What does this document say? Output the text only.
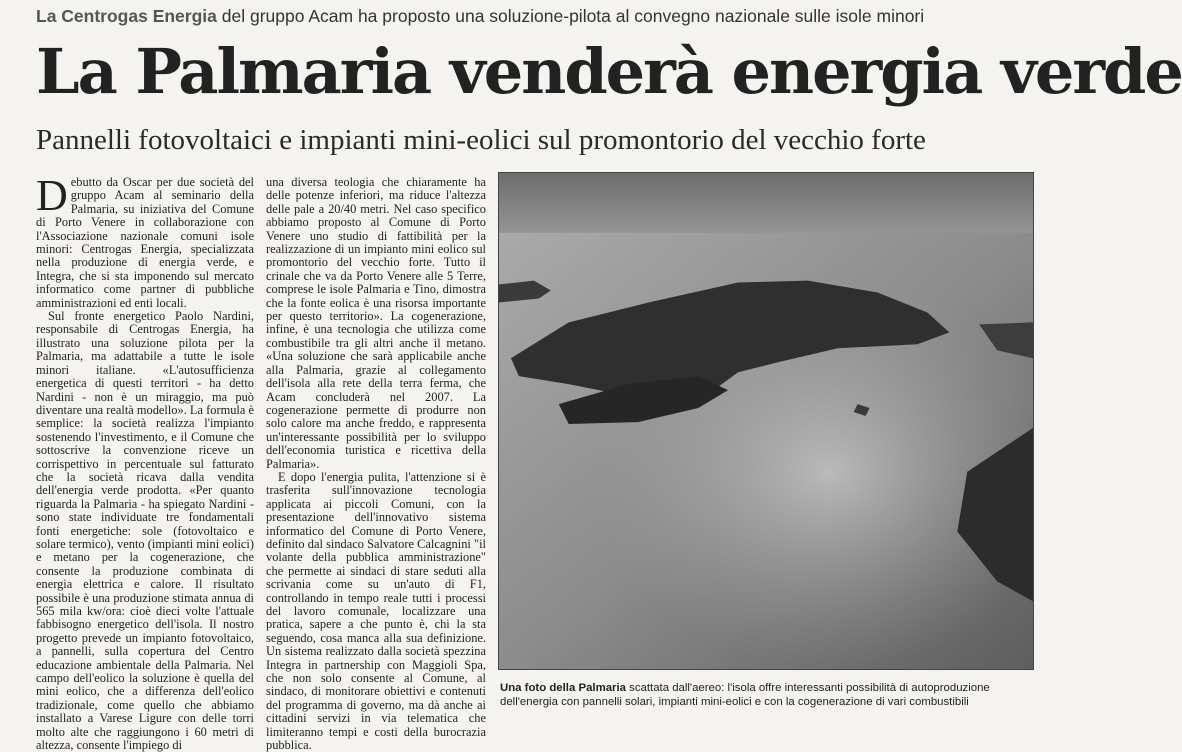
La Centrogas Energia del gruppo Acam ha proposto una soluzione-pilota al convegno nazionale sulle isole minori
La Palmaria venderà energia verde
Pannelli fotovoltaici e impianti mini-eolici sul promontorio del vecchio forte

Debutto da Oscar per due società del gruppo Acam al seminario della Palmaria, su iniziativa del Comune di Porto Venere in collaborazione con l'Associazione nazionale comuni isole minori: Centrogas Energia, specializzata nella produzione di energia verde, e Integra, che si sta imponendo sul mercato informatico come partner di pubbliche amministrazioni ed enti locali.

Sul fronte energetico Paolo Nardini, responsabile di Centrogas Energia, ha illustrato una soluzione pilota per la Palmaria, ma adattabile a tutte le isole minori italiane. «L'autosufficienza energetica di questi territori - ha detto Nardini - non è un miraggio, ma può diventare una realtà modello». La formula è semplice: la società realizza l'impianto sostenendo l'investimento, e il Comune che sottoscrive la convenzione riceve un corrispettivo in percentuale sul fatturato che la società ricava dalla vendita dell'energia verde prodotta. «Per quanto riguarda la Palmaria - ha spiegato Nardini - sono state individuate tre fondamentali fonti energetiche: sole (fotovoltaico e solare termico), vento (impianti mini eolici) e metano per la cogenerazione, che consente la produzione combinata di energia elettrica e calore. Il risultato possibile è una produzione stimata annua di 565 mila kw/ora: cioè dieci volte l'attuale fabbisogno energetico dell'isola. Il nostro progetto prevede un impianto fotovoltaico, a pannelli, sulla copertura del Centro educazione ambientale della Palmaria. Nel campo dell'eolico la soluzione è quella del mini eolico, che a differenza dell'eolico tradizionale, come quello che abbiamo installato a Varese Ligure con delle torri molto alte che raggiungono i 60 metri di altezza, consente l'impiego di

una diversa teologia che chiaramente ha delle potenze inferiori, ma riduce l'altezza delle pale a 20/40 metri. Nel caso specifico abbiamo proposto al Comune di Porto Venere uno studio di fattibilità per la realizzazione di un impianto mini eolico sul promontorio del vecchio forte. Tutto il crinale che va da Porto Venere alle 5 Terre, comprese le isole Palmaria e Tino, dimostra che la fonte eolica è una risorsa importante per questo territorio». La cogenerazione, infine, è una tecnologia che utilizza come combustibile tra gli altri anche il metano. «Una soluzione che sarà applicabile anche alla Palmaria, grazie al collegamento dell'isola alla rete della terra ferma, che Acam concluderà nel 2007. La cogenerazione permette di produrre non solo calore ma anche freddo, e rappresenta un'interessante possibilità per lo sviluppo dell'economia turistica e ricettiva della Palmaria».

E dopo l'energia pulita, l'attenzione si è trasferita sull'innovazione tecnologia applicata ai piccoli Comuni, con la presentazione dell'innovativo sistema informatico del Comune di Porto Venere, definito dal sindaco Salvatore Calcagnini "il volante della pubblica amministrazione" che permette ai sindaci di stare seduti alla scrivania come su un'auto di F1, controllando in tempo reale tutti i processi del lavoro comunale, localizzare una pratica, sapere a che punto è, chi la sta seguendo, cosa manca alla sua definizione. Un sistema realizzato dalla società spezzina Integra in partnership con Maggioli Spa, che non solo consente al Comune, al sindaco, di monitorare obiettivi e contenuti del programma di governo, ma dà anche ai cittadini servizi in via telematica che limiteranno tempi e costi della burocrazia pubblica.

Una foto della Palmaria scattata dall'aereo: l'isola offre interessanti possibilità di autoproduzione dell'energia con pannelli solari, impianti mini-eolici e con la cogenerazione di vari combustibili
